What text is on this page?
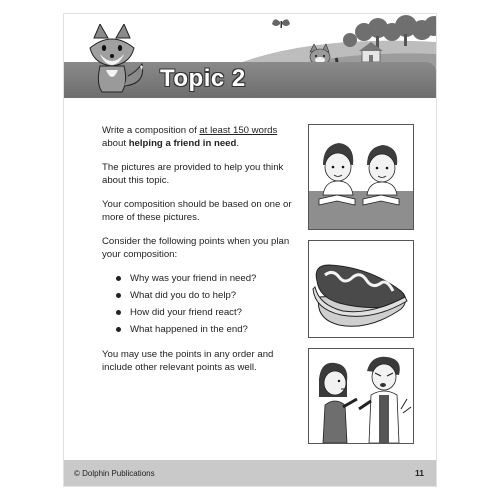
Topic 2

Write a composition of at least 150 words about helping a friend in need.

The pictures are provided to help you think about this topic.

Your composition should be based on one or more of these pictures.

Consider the following points when you plan your composition:

Why was your friend in need?
What did you do to help?
How did your friend react?
What happened in the end?

You may use the points in any order and include other relevant points as well.

© Dolphin Publications	11
